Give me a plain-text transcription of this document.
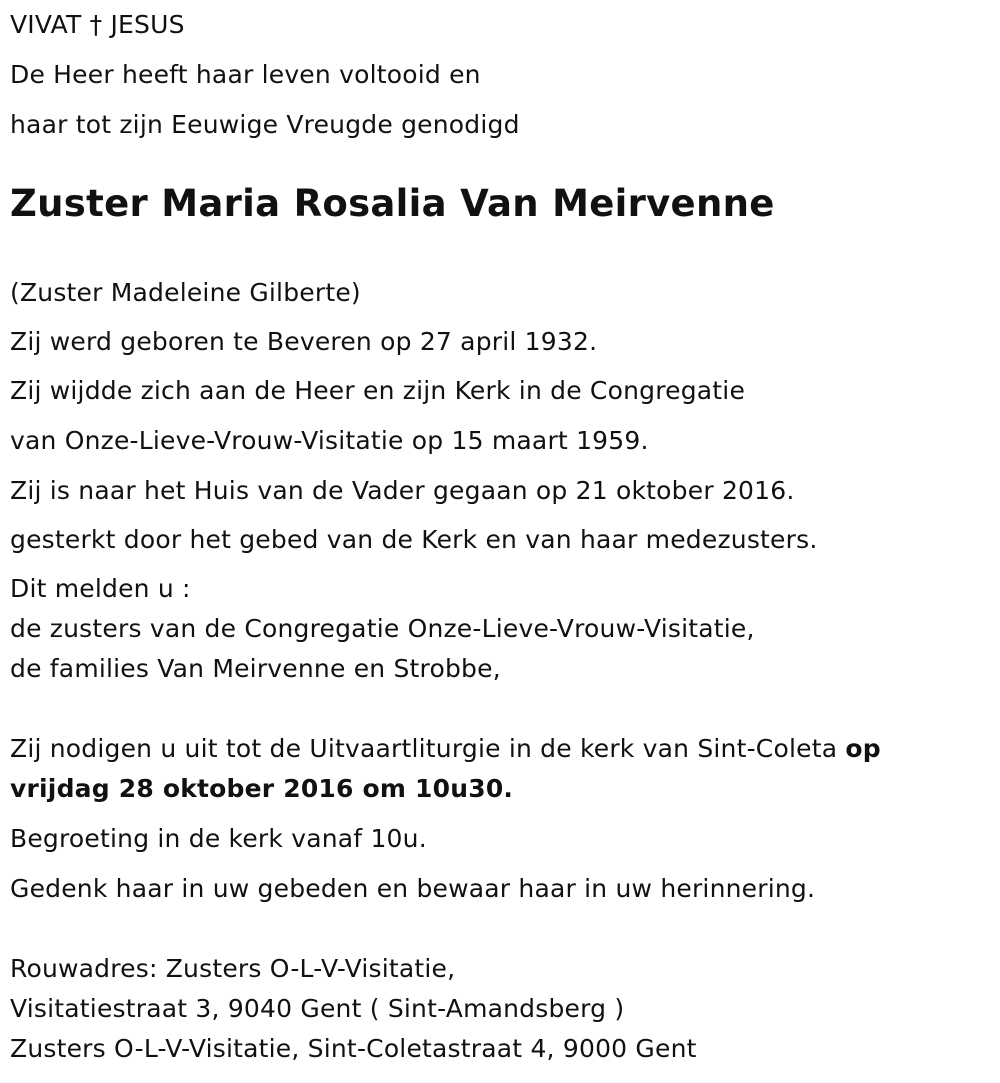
VIVAT † JESUS
De Heer heeft haar leven voltooid en
haar tot zijn Eeuwige Vreugde genodigd
Zuster Maria Rosalia Van Meirvenne
(Zuster Madeleine Gilberte)
Zij werd geboren te Beveren op 27 april 1932.
Zij wijdde zich aan de Heer en zijn Kerk in de Congregatie
van Onze-Lieve-Vrouw-Visitatie op 15 maart 1959.
Zij is naar het Huis van de Vader gegaan op 21 oktober 2016.
gesterkt door het gebed van de Kerk en van haar medezusters.
Dit melden u :
de zusters van de Congregatie Onze-Lieve-Vrouw-Visitatie,
de families Van Meirvenne en Strobbe,
Zij nodigen u uit tot de Uitvaartliturgie in de kerk van Sint-Coleta op
vrijdag 28 oktober 2016 om 10u30.
Begroeting in de kerk vanaf 10u.
Gedenk haar in uw gebeden en bewaar haar in uw herinnering.
Rouwadres: Zusters O-L-V-Visitatie,
Visitatiestraat 3, 9040 Gent ( Sint-Amandsberg )
Zusters O-L-V-Visitatie, Sint-Coletastraat 4, 9000 Gent
